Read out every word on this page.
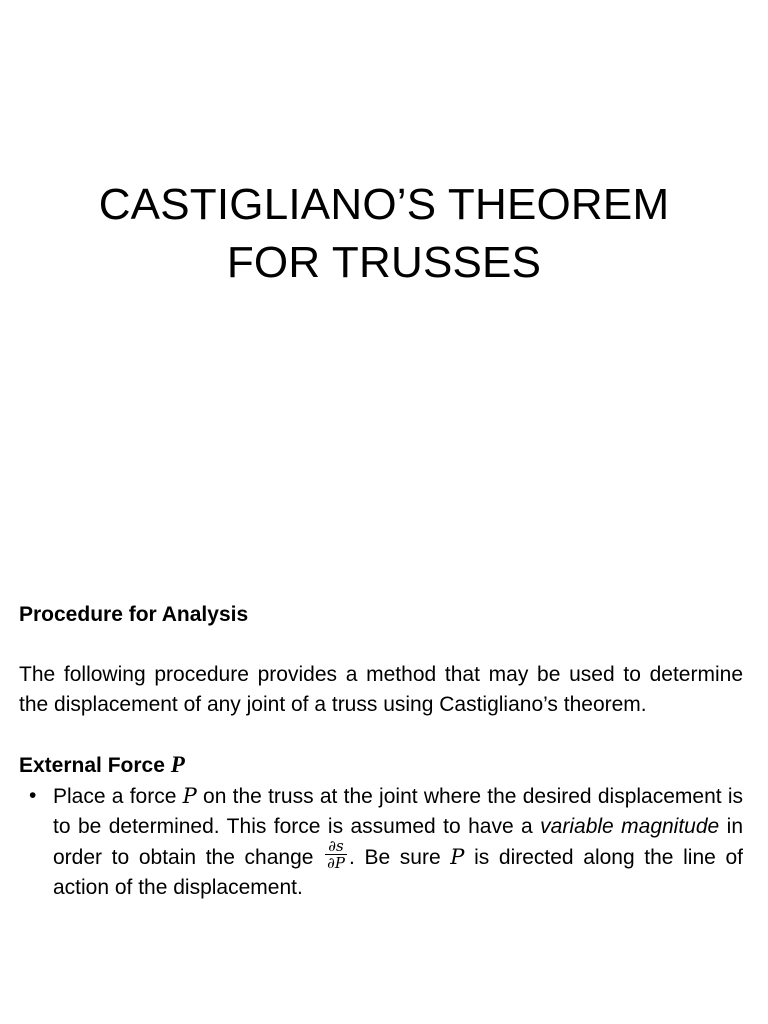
CASTIGLIANO’S THEOREM
FOR TRUSSES

Procedure for Analysis

The following procedure provides a method that may be used to determine the displacement of any joint of a truss using Castigliano’s theorem.

External Force P

• Place a force P on the truss at the joint where the desired displacement is to be determined. This force is assumed to have a variable magnitude in order to obtain the change $\frac{\partial s}{\partial P}$ . Be sure P is directed along the line of action of the displacement.
